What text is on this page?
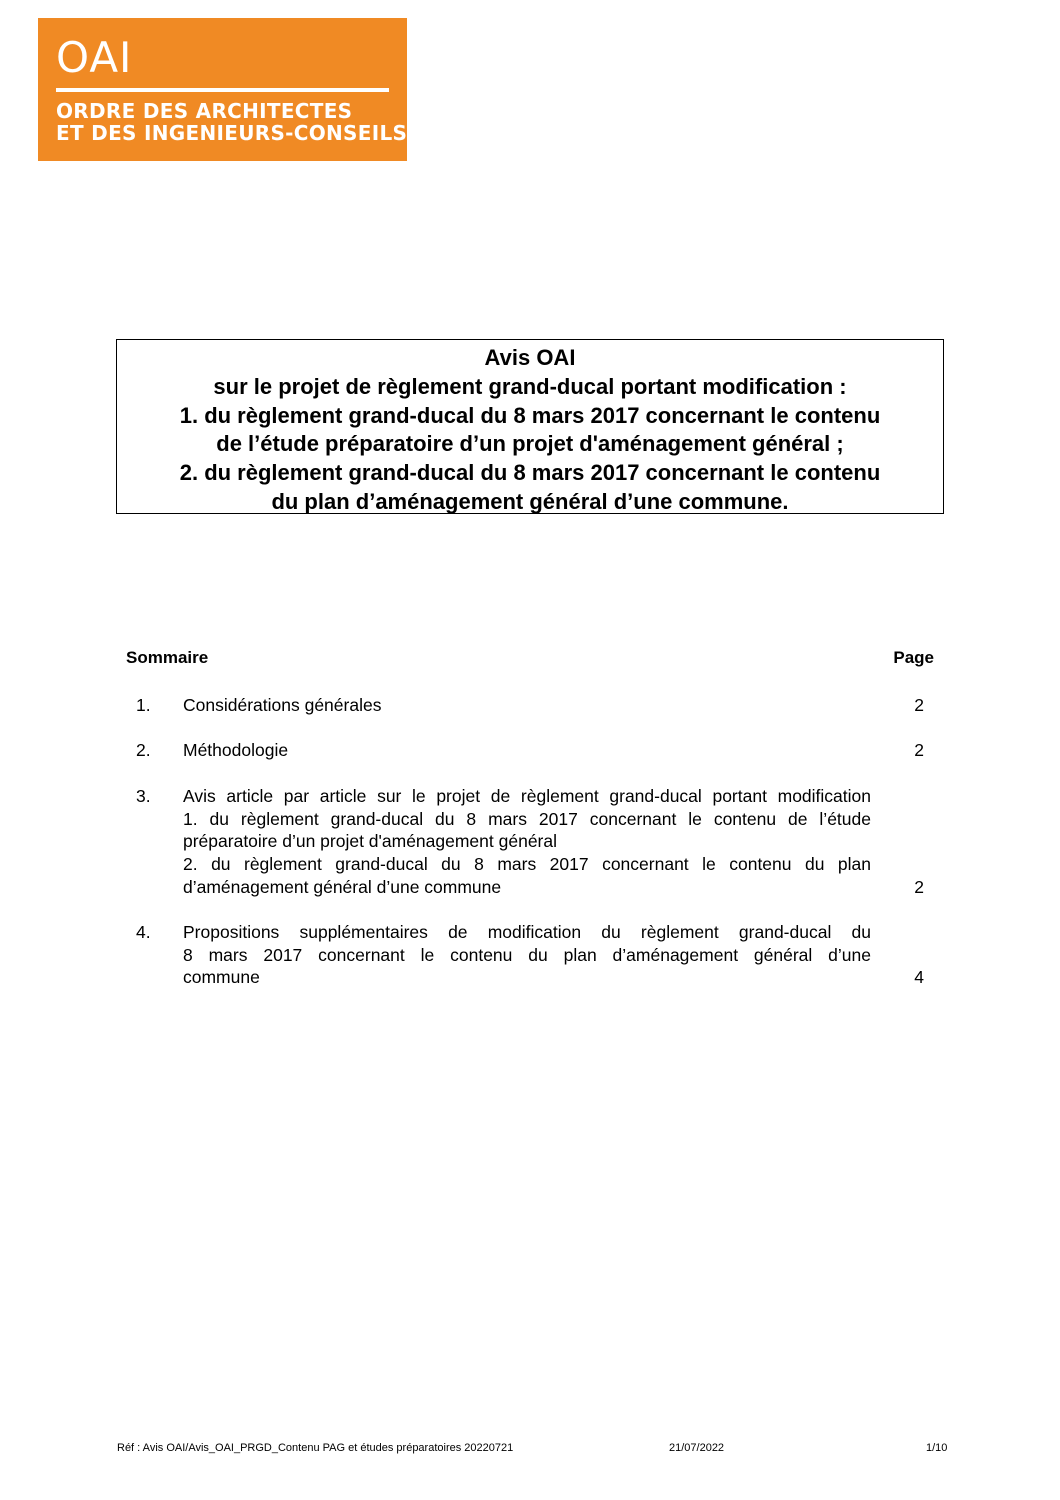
OAI
ORDRE DES ARCHITECTES
ET DES INGENIEURS-CONSEILS
Avis OAI
sur le projet de règlement grand-ducal portant modification :
1. du règlement grand-ducal du 8 mars 2017 concernant le contenu
de l’étude préparatoire d’un projet d'aménagement général ;
2. du règlement grand-ducal du 8 mars 2017 concernant le contenu
du plan d’aménagement général d’une commune.
Sommaire	Page
1. Considérations générales	2
2. Méthodologie	2
3. Avis article par article sur le projet de règlement grand-ducal portant modification
1. du règlement grand-ducal du 8 mars 2017 concernant le contenu de l’étude
préparatoire d’un projet d'aménagement général
2. du règlement grand-ducal du 8 mars 2017 concernant le contenu du plan
d’aménagement général d’une commune	2
4. Propositions supplémentaires de modification du règlement grand-ducal du
8 mars 2017 concernant le contenu du plan d’aménagement général d’une
commune	4
Réf : Avis OAI/Avis_OAI_PRGD_Contenu PAG et études préparatoires 20220721	21/07/2022	1/10
